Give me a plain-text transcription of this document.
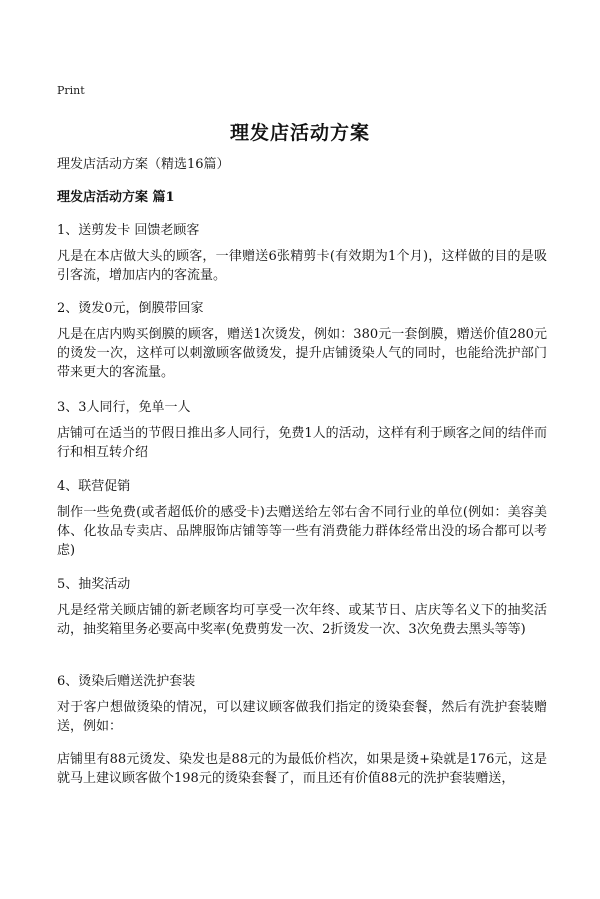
Print
理发店活动方案
理发店活动方案（精选16篇）
理发店活动方案 篇1
1、送剪发卡 回馈老顾客
凡是在本店做大头的顾客，一律赠送6张精剪卡(有效期为1个月)，这样做的目的是吸引客流，增加店内的客流量。
2、烫发0元，倒膜带回家
凡是在店内购买倒膜的顾客，赠送1次烫发，例如：380元一套倒膜，赠送价值280元的烫发一次，这样可以刺激顾客做烫发，提升店铺烫染人气的同时，也能给洗护部门带来更大的客流量。
3、3人同行，免单一人
店铺可在适当的节假日推出多人同行，免费1人的活动，这样有利于顾客之间的结伴而行和相互转介绍
4、联营促销
制作一些免费(或者超低价的感受卡)去赠送给左邻右舍不同行业的单位(例如：美容美体、化妆品专卖店、品牌服饰店铺等等一些有消费能力群体经常出没的场合都可以考虑)
5、抽奖活动
凡是经常关顾店铺的新老顾客均可享受一次年终、或某节日、店庆等名义下的抽奖活动，抽奖箱里务必要高中奖率(免费剪发一次、2折烫发一次、3次免费去黑头等等)
6、烫染后赠送洗护套装
对于客户想做烫染的情况，可以建议顾客做我们指定的烫染套餐，然后有洗护套装赠送，例如：
店铺里有88元烫发、染发也是88元的为最低价档次，如果是烫+染就是176元，这是就马上建议顾客做个198元的烫染套餐了，而且还有价值88元的洗护套装赠送，
